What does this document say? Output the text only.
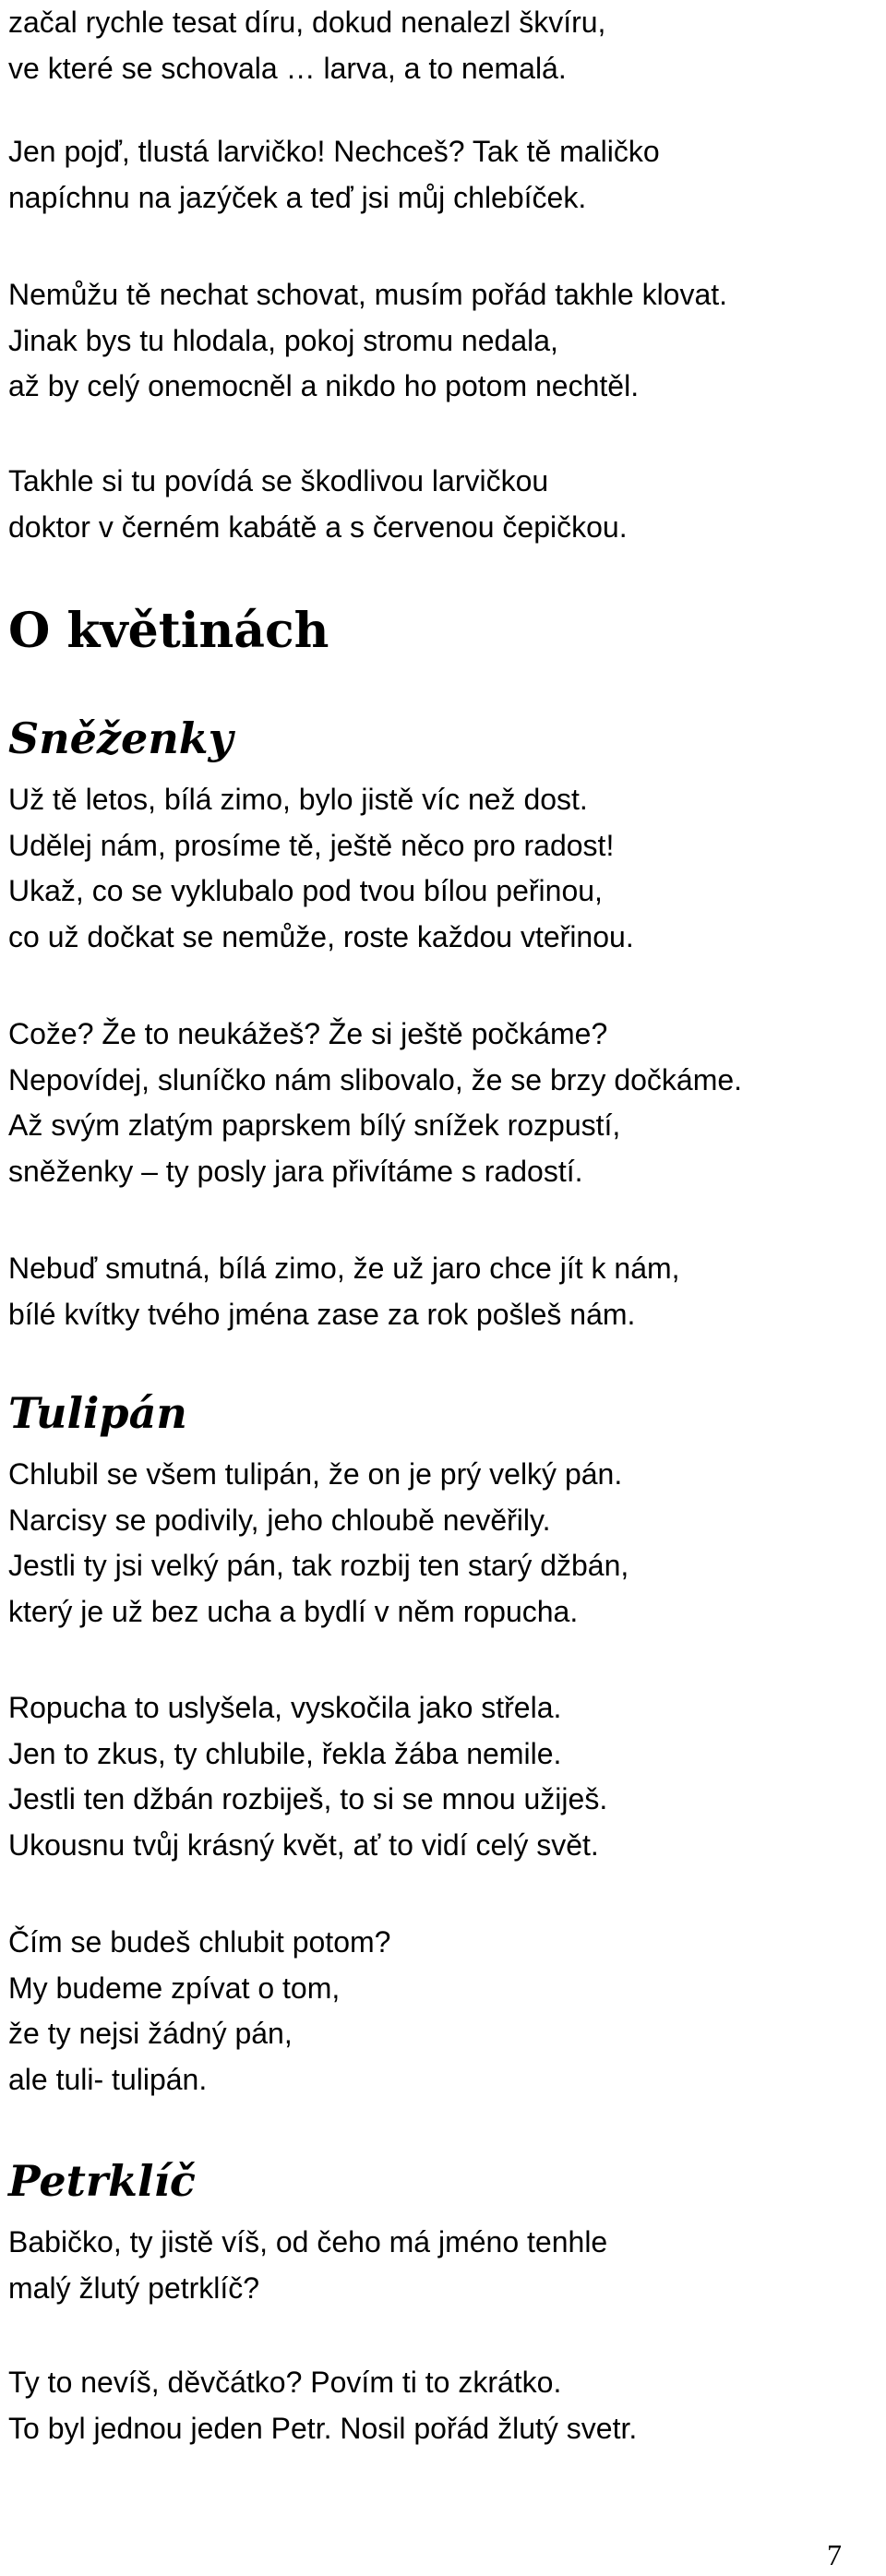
začal rychle tesat díru, dokud nenalezl škvíru,
ve které se schovala … larva, a to nemalá.
Jen pojď, tlustá larvičko! Nechceš? Tak tě maličko
napíchnu na jazýček a teď jsi můj chlebíček.
Nemůžu tě nechat schovat, musím pořád takhle klovat.
Jinak bys tu hlodala, pokoj stromu nedala,
až by celý onemocněl a nikdo ho potom nechtěl.
Takhle si tu povídá se škodlivou larvičkou
doktor v černém kabátě a s červenou čepičkou.
O květinách
Sněženky
Už tě letos, bílá zimo, bylo jistě víc než dost.
Udělej nám, prosíme tě, ještě něco pro radost!
Ukaž, co se vyklubalo pod tvou bílou peřinou,
co už dočkat se nemůže, roste každou vteřinou.
Cože? Že to neukážeš? Že si ještě počkáme?
Nepovídej, sluníčko nám slibovalo, že se brzy dočkáme.
Až svým zlatým paprskem bílý snížek rozpustí,
sněženky – ty posly jara přivítáme s radostí.
Nebuď smutná, bílá zimo, že už jaro chce jít k nám,
bílé kvítky tvého jména zase za rok pošleš nám.
Tulipán
Chlubil se všem tulipán, že on je prý velký pán.
Narcisy se podivily, jeho chloubě nevěřily.
Jestli ty jsi velký pán, tak rozbij ten starý džbán,
který je už bez ucha a bydlí v něm ropucha.
Ropucha to uslyšela, vyskočila jako střela.
Jen to zkus, ty chlubile, řekla žába nemile.
Jestli ten džbán rozbiješ, to si se mnou užiješ.
Ukousnu tvůj krásný květ, ať to vidí celý svět.
Čím se budeš chlubit potom?
My budeme zpívat o tom,
že ty nejsi žádný pán,
ale tuli- tulipán.
Petrklíč
Babičko, ty jistě víš, od čeho má jméno tenhle
malý žlutý petrklíč?
Ty to nevíš, děvčátko? Povím ti to zkrátko.
To byl jednou jeden Petr. Nosil pořád žlutý svetr.
7
